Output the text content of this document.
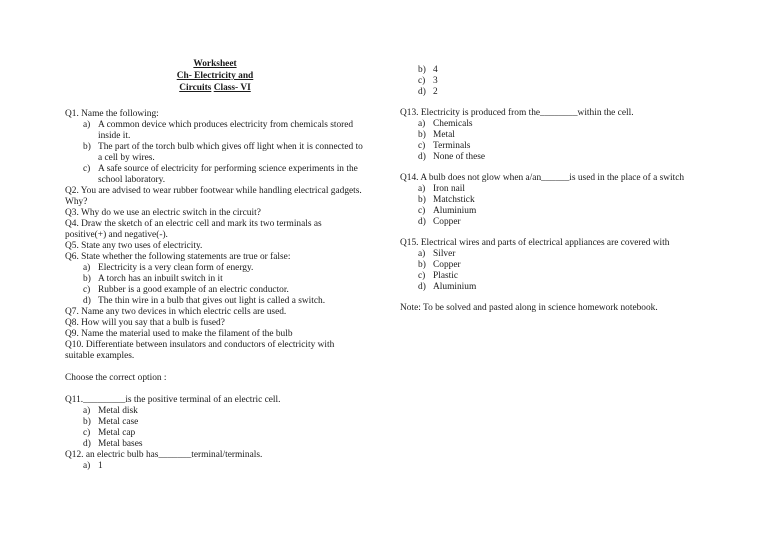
Worksheet
Ch- Electricity and
Circuits Class- VI

Q1. Name the following:

a) A common device which produces electricity from chemicals stored inside it.
b) The part of the torch bulb which gives off light when it is connected to a cell by wires.
c) A safe source of electricity for performing science experiments in the school laboratory.

Q2. You are advised to wear rubber footwear while handling electrical gadgets. Why?

Q3. Why do we use an electric switch in the circuit?

Q4. Draw the sketch of an electric cell and mark its two terminals as positive(+) and negative(-).

Q5. State any two uses of electricity.

Q6. State whether the following statements are true or false:

a) Electricity is a very clean form of energy.
b) A torch has an inbuilt switch in it
c) Rubber is a good example of an electric conductor.
d) The thin wire in a bulb that gives out light is called a switch.

Q7. Name any two devices in which electric cells are used.

Q8. How will you say that a bulb is fused?

Q9. Name the material used to make the filament of the bulb

Q10. Differentiate between insulators and conductors of electricity with suitable examples.

Choose the correct option :

Q11._________is the positive terminal of an electric cell.

a) Metal disk
b) Metal case
c) Metal cap
d) Metal bases

Q12. an electric bulb has_______terminal/terminals.

a) 1
b) 4
c) 3
d) 2

Q13. Electricity is produced from the________within the cell.

a) Chemicals
b) Metal
c) Terminals
d) None of these

Q14. A bulb does not glow when a/an______is used in the place of a switch

a) Iron nail
b) Matchstick
c) Aluminium
d) Copper

Q15. Electrical wires and parts of electrical appliances are covered with

a) Silver
b) Copper
c) Plastic
d) Aluminium

Note: To be solved and pasted along in science homework notebook.
